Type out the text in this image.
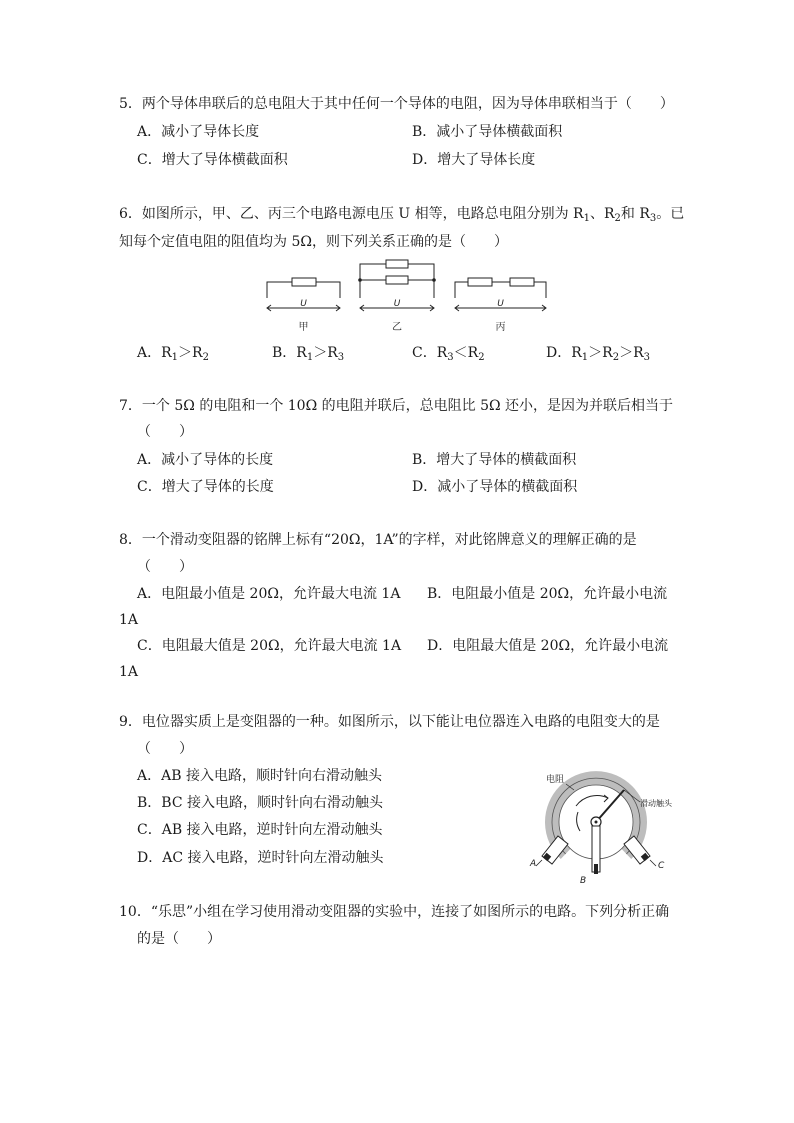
5．两个导体串联后的总电阻大于其中任何一个导体的电阻，因为导体串联相当于（　　）
A．减小了导体长度	B．减小了导体横截面积
C．增大了导体横截面积	D．增大了导体长度
6．如图所示，甲、乙、丙三个电路电源电压 U 相等，电路总电阻分别为 $R_1$、$R_2$和 $R_3$。已
知每个定值电阻的阻值均为 5Ω，则下列关系正确的是（　　）
U	U	U
甲	乙	丙
A．$R_1>R_2$	B．$R_1>R_3$	C．$R_3<R_2$	D．$R_1>R_2>R_3$
7．一个 5Ω 的电阻和一个 10Ω 的电阻并联后，总电阻比 5Ω 还小，是因为并联后相当于
（　　）
A．减小了导体的长度	B．增大了导体的横截面积
C．增大了导体的长度	D．减小了导体的横截面积
8．一个滑动变阻器的铭牌上标有“20Ω，1A”的字样，对此铭牌意义的理解正确的是
（　　）
A．电阻最小值是 20Ω，允许最大电流 1A B．电阻最小值是 20Ω，允许最小电流
1A
C．电阻最大值是 20Ω，允许最大电流 1A D．电阻最大值是 20Ω，允许最小电流
1A
9．电位器实质上是变阻器的一种。如图所示，以下能让电位器连入电路的电阻变大的是
（　　）
A．AB 接入电路，顺时针向右滑动触头
B．BC 接入电路，顺时针向右滑动触头
C．AB 接入电路，逆时针向左滑动触头
D．AC 接入电路，逆时针向左滑动触头
电阻
滑动触头
A
B
C
10．“乐思”小组在学习使用滑动变阻器的实验中，连接了如图所示的电路。下列分析正确
的是（　　）
